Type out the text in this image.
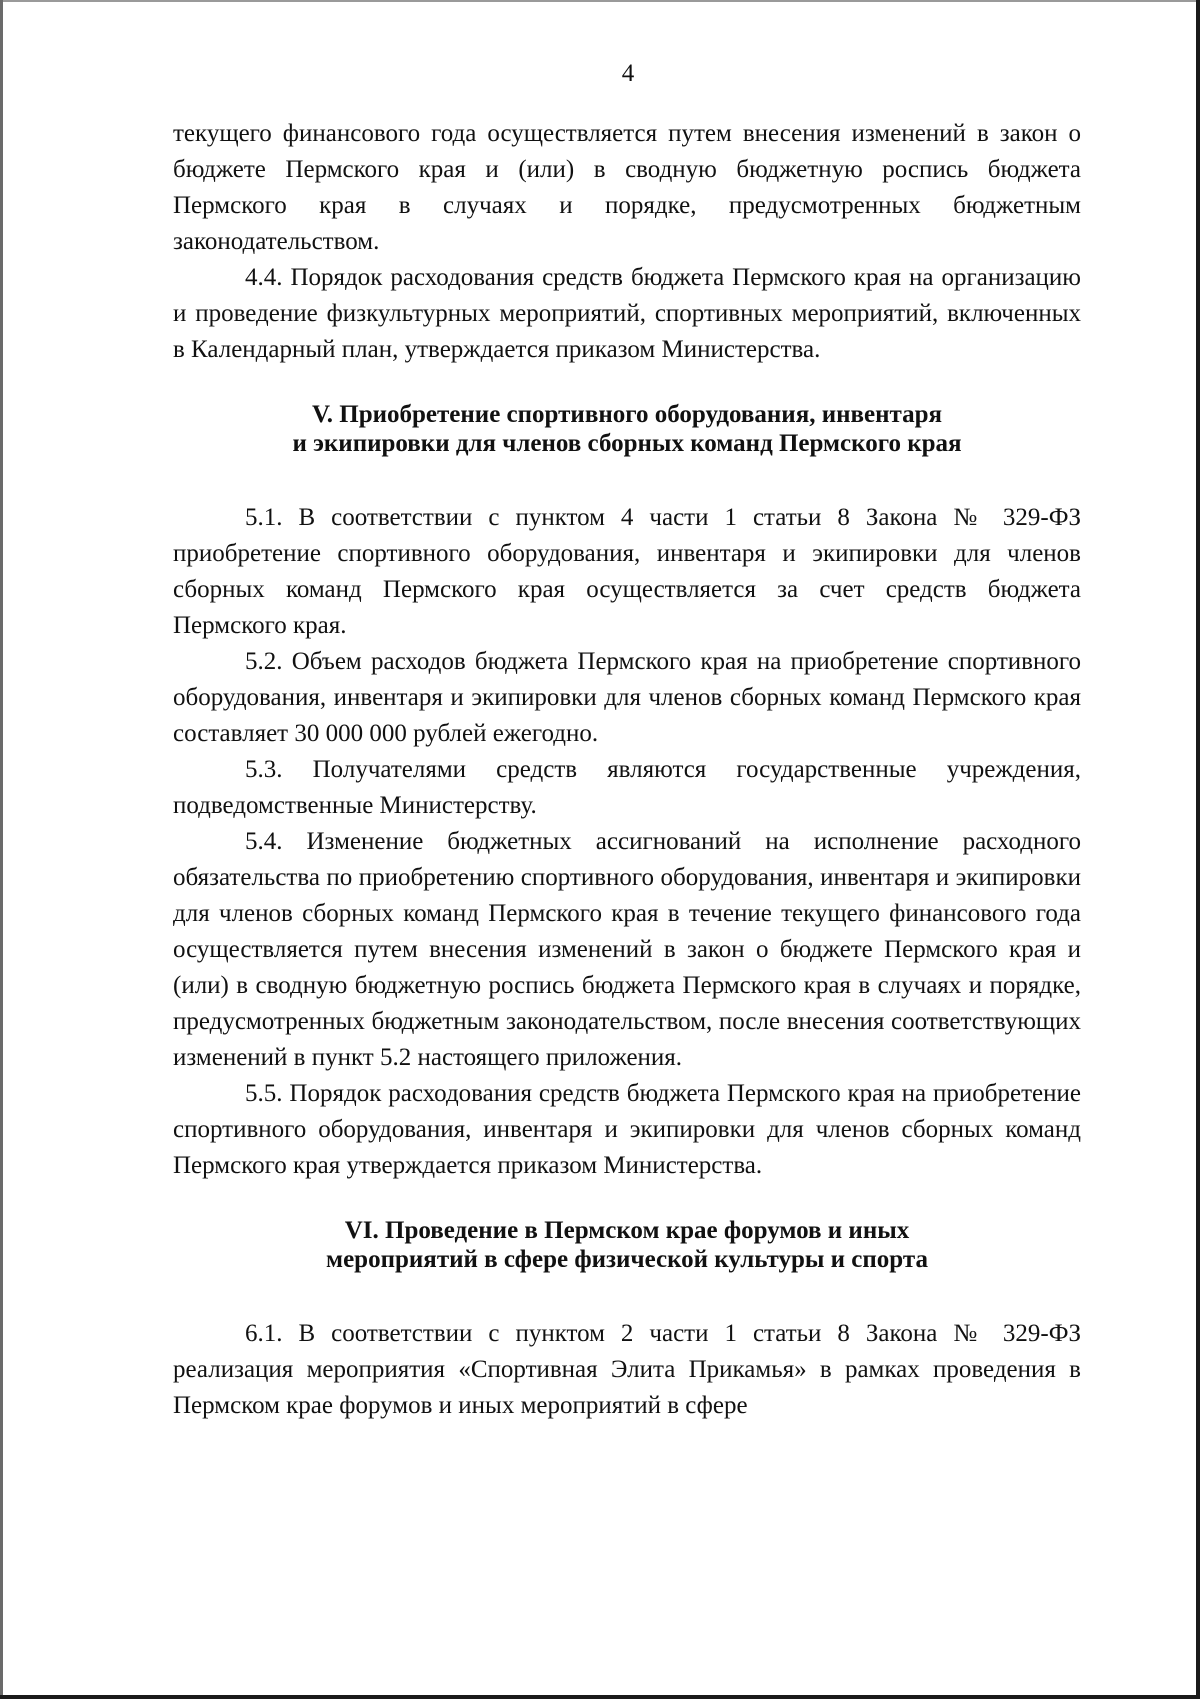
4

текущего финансового года осуществляется путем внесения изменений в закон о бюджете Пермского края и (или) в сводную бюджетную роспись бюджета Пермского края в случаях и порядке, предусмотренных бюджетным законодательством.

4.4. Порядок расходования средств бюджета Пермского края на организацию и проведение физкультурных мероприятий, спортивных мероприятий, включенных в Календарный план, утверждается приказом Министерства.

V. Приобретение спортивного оборудования, инвентаря
и экипировки для членов сборных команд Пермского края

5.1. В соответствии с пунктом 4 части 1 статьи 8 Закона № 329-ФЗ приобретение спортивного оборудования, инвентаря и экипировки для членов сборных команд Пермского края осуществляется за счет средств бюджета Пермского края.

5.2. Объем расходов бюджета Пермского края на приобретение спортивного оборудования, инвентаря и экипировки для членов сборных команд Пермского края составляет 30 000 000 рублей ежегодно.

5.3. Получателями средств являются государственные учреждения, подведомственные Министерству.

5.4. Изменение бюджетных ассигнований на исполнение расходного обязательства по приобретению спортивного оборудования, инвентаря и экипировки для членов сборных команд Пермского края в течение текущего финансового года осуществляется путем внесения изменений в закон о бюджете Пермского края и (или) в сводную бюджетную роспись бюджета Пермского края в случаях и порядке, предусмотренных бюджетным законодательством, после внесения соответствующих изменений в пункт 5.2 настоящего приложения.

5.5. Порядок расходования средств бюджета Пермского края на приобретение спортивного оборудования, инвентаря и экипировки для членов сборных команд Пермского края утверждается приказом Министерства.

VI. Проведение в Пермском крае форумов и иных
мероприятий в сфере физической культуры и спорта

6.1. В соответствии с пунктом 2 части 1 статьи 8 Закона № 329-ФЗ реализация мероприятия «Спортивная Элита Прикамья» в рамках проведения в Пермском крае форумов и иных мероприятий в сфере
